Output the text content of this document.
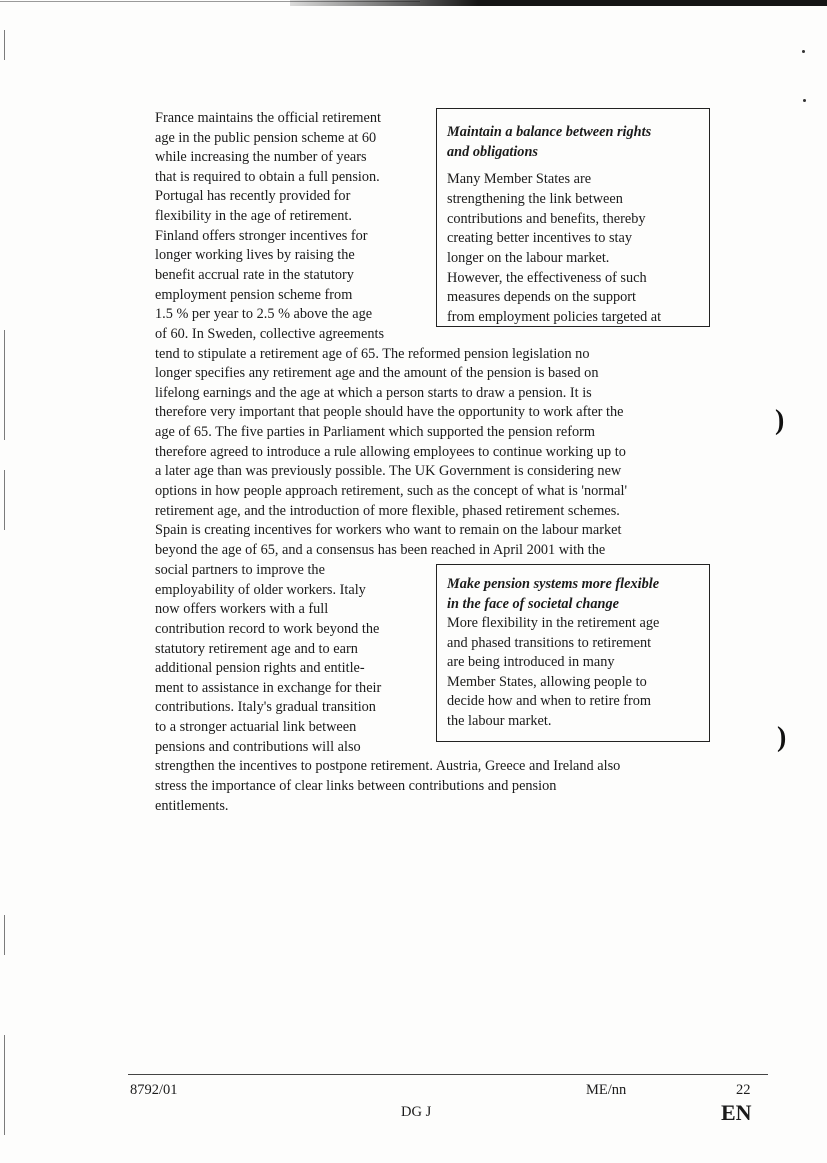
)
)
France maintains the official retirement
age in the public pension scheme at 60
while increasing the number of years
that is required to obtain a full pension.
Portugal has recently provided for
flexibility in the age of retirement.
Finland offers stronger incentives for
longer working lives by raising the
benefit accrual rate in the statutory
employment pension scheme from
1.5 % per year to 2.5 % above the age
of 60. In Sweden, collective agreements
tend to stipulate a retirement age of 65. The reformed pension legislation no
longer specifies any retirement age and the amount of the pension is based on
lifelong earnings and the age at which a person starts to draw a pension. It is
therefore very important that people should have the opportunity to work after the
age of 65. The five parties in Parliament which supported the pension reform
therefore agreed to introduce a rule allowing employees to continue working up to
a later age than was previously possible. The UK Government is considering new
options in how people approach retirement, such as the concept of what is 'normal'
retirement age, and the introduction of more flexible, phased retirement schemes.
Spain is creating incentives for workers who want to remain on the labour market
beyond the age of 65, and a consensus has been reached in April 2001 with the
Maintain a balance between rights
and obligations
Many Member States are
strengthening the link between
contributions and benefits, thereby
creating better incentives to stay
longer on the labour market.
However, the effectiveness of such
measures depends on the support
from employment policies targeted at
social partners to improve the
employability of older workers. Italy
now offers workers with a full
contribution record to work beyond the
statutory retirement age and to earn
additional pension rights and entitle-
ment to assistance in exchange for their
contributions. Italy's gradual transition
to a stronger actuarial link between
pensions and contributions will also
strengthen the incentives to postpone retirement. Austria, Greece and Ireland also
stress the importance of clear links between contributions and pension
entitlements.
Make pension systems more flexible
in the face of societal change
More flexibility in the retirement age
and phased transitions to retirement
are being introduced in many
Member States, allowing people to
decide how and when to retire from
the labour market.
8792/01	ME/nn	22
DG J	EN
